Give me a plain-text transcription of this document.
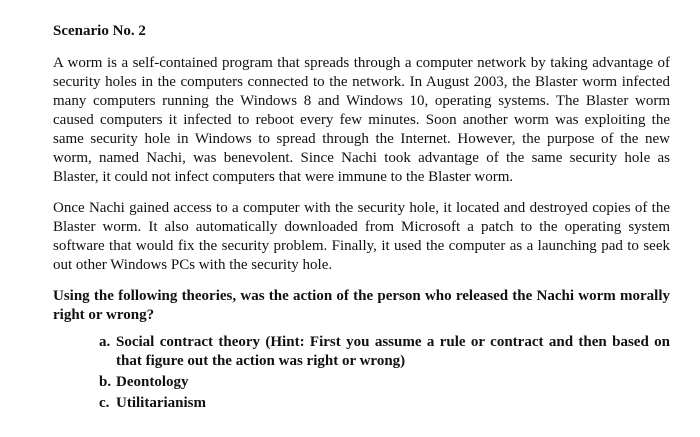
Scenario No. 2

A worm is a self-contained program that spreads through a computer network by taking advantage of security holes in the computers connected to the network. In August 2003, the Blaster worm infected many computers running the Windows 8 and Windows 10, operating systems. The Blaster worm caused computers it infected to reboot every few minutes. Soon another worm was exploiting the same security hole in Windows to spread through the Internet. However, the purpose of the new worm, named Nachi, was benevolent. Since Nachi took advantage of the same security hole as Blaster, it could not infect computers that were immune to the Blaster worm.

Once Nachi gained access to a computer with the security hole, it located and destroyed copies of the Blaster worm. It also automatically downloaded from Microsoft a patch to the operating system software that would fix the security problem. Finally, it used the computer as a launching pad to seek out other Windows PCs with the security hole.

Using the following theories, was the action of the person who released the Nachi worm morally right or wrong?

a. Social contract theory (Hint: First you assume a rule or contract and then based on that figure out the action was right or wrong)
b. Deontology
c. Utilitarianism
